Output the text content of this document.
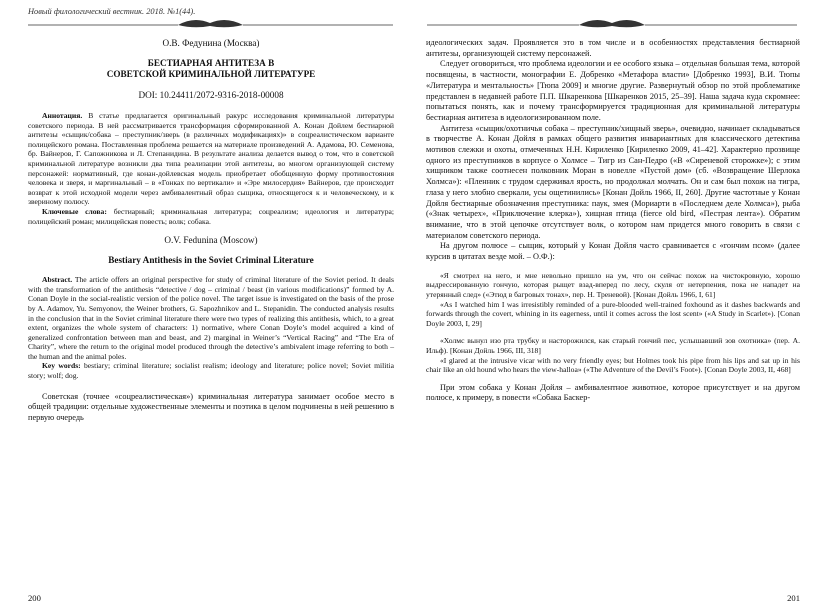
Новый филологический вестник. 2018. №1(44).

О.В. Федунина (Москва)

БЕСТИАРНАЯ АНТИТЕЗА В

СОВЕТСКОЙ КРИМИНАЛЬНОЙ ЛИТЕРАТУРЕ

DOI: 10.24411/2072-9316-2018-00008

Аннотация. В статье предлагается оригинальный ракурс исследования криминальной литературы советского периода. В ней рассматривается трансформация сформированной А. Конан Дойлем бестиарной антитезы «сыщик/собака – преступник/зверь (в различных модификациях)» в соцреалистическом варианте полицейского романа. Поставленная проблема решается на материале произведений А. Адамова, Ю. Семенова, бр. Вайнеров, Г. Сапожникова и Л. Степанидина. В результате анализа делается вывод о том, что в советской криминальной литературе возникли два типа реализации этой антитезы, во многом организующей систему персонажей: нормативный, где конан-дойлевская модель приобретает обобщенную форму противостояния человека и зверя, и маргинальный – в «Гонках по вертикали» и «Эре милосердия» Вайнеров, где происходит возврат к этой исходной модели через амбивалентный образ сыщика, относящегося к и человеческому, и к звериному полюсу.

Ключевые слова: бестиарный; криминальная литература; соцреализм; идеология и литература; полицейский роман; милицейская повесть; волк; собака.

O.V. Fedunina (Moscow)

Bestiary Antithesis in the Soviet Criminal Literature

Abstract. The article offers an original perspective for study of criminal literature of the Soviet period. It deals with the transformation of the antithesis “detective / dog – criminal / beast (in various modifications)” formed by A. Conan Doyle in the social-realistic version of the police novel. The target issue is investigated on the basis of the prose by A. Adamov, Yu. Semyonov, the Weiner brothers, G. Sapozhnikov and L. Stepanidin. The conducted analysis results in the conclusion that in the Soviet criminal literature there were two types of realizing this antithesis, which, to a great extent, organizes the whole system of characters: 1) normative, where Conan Doyle’s model acquired a kind of generalized confrontation between man and beast, and 2) marginal in Weiner’s “Vertical Racing” and “The Era of Charity”, where the return to the original model produced through the detective’s ambivalent image referring to both – the human and the animal poles.

Key words: bestiary; criminal literature; socialist realism; ideology and literature; police novel; Soviet militia story; wolf; dog.

Советская (точнее «соцреалистическая») криминальная литература занимает особое место в общей традиции: отдельные художественные элементы и поэтика в целом подчинены в ней решению в первую очередь

200

идеологических задач. Проявляется это в том числе и в особенностях представления бестиарной антитезы, организующей систему персонажей.

Следует оговориться, что проблема идеологии и ее особого языка – отдельная большая тема, которой посвящены, в частности, монографии Е. Добренко «Метафора власти» [Добренко 1993], В.И. Тюпы «Литература и ментальность» [Тюпа 2009] и многие другие. Развернутый обзор по этой проблематике представлен в недавней работе П.П. Шкаренкова [Шкаренков 2015, 25–39]. Наша задача куда скромнее: попытаться понять, как и почему трансформируется традиционная для криминальной литературы бестиарная антитеза в идеологизированном поле.

Антитеза «сыщик/охотничья собака – преступник/хищный зверь», очевидно, начинает складываться в творчестве А. Конан Дойля в рамках общего развития инвариантных для классического детектива мотивов слежки и охоты, отмеченных Н.Н. Кириленко [Кириленко 2009, 41–42]. Характерно прозвище одного из преступников в корпусе о Холмсе – Тигр из Сан-Педро («В «Сиреневой сторожке»); с этим хищником также соотнесен полковник Моран в новелле «Пустой дом» (сб. «Возвращение Шерлока Холмса»): «Пленник с трудом сдерживал ярость, но продолжал молчать. Он и сам был похож на тигра, глаза у него злобно сверкали, усы ощетинились» [Конан Дойль 1966, II, 260]. Другие частотные у Конан Дойля бестиарные обозначения преступника: паук, змея (Мориарти в «Последнем деле Холмса»), рыба («Знак четырех», «Приключение клерка»), хищная птица (fierce old bird, «Пестрая лента»). Обратим внимание, что в этой цепочке отсутствует волк, о котором нам придется много говорить в связи с материалом советского периода.

На другом полюсе – сыщик, который у Конан Дойля часто сравнивается с «гончим псом» (далее курсив в цитатах везде мой. – О.Ф.):

«Я смотрел на него, и мне невольно пришло на ум, что он сейчас похож на чистокровную, хорошо выдрессированную гончую, которая рыщет взад-вперед по лесу, скуля от нетерпения, пока не нападет на утерянный след» («Этюд в багровых тонах», пер. Н. Треневой). [Конан Дойль 1966, I, 61]

«As I watched him I was irresistibly reminded of a pure-blooded well-trained foxhound as it dashes backwards and forwards through the covert, whining in its eagerness, until it comes across the lost scent» («A Study in Scarlet»). [Conan Doyle 2003, I, 29]

«Холмс вынул изо рта трубку и насторожился, как старый гончий пес, услышавший зов охотника» (пер. А. Ильф). [Конан Дойль 1966, III, 318]

«I glared at the intrusive vicar with no very friendly eyes; but Holmes took his pipe from his lips and sat up in his chair like an old hound who hears the view-halloa» («The Adventure of the Devil’s Foot»). [Conan Doyle 2003, II, 468]

При этом собака у Конан Дойля – амбивалентное животное, которое присутствует и на другом полюсе, к примеру, в повести «Собака Баскер-

201
